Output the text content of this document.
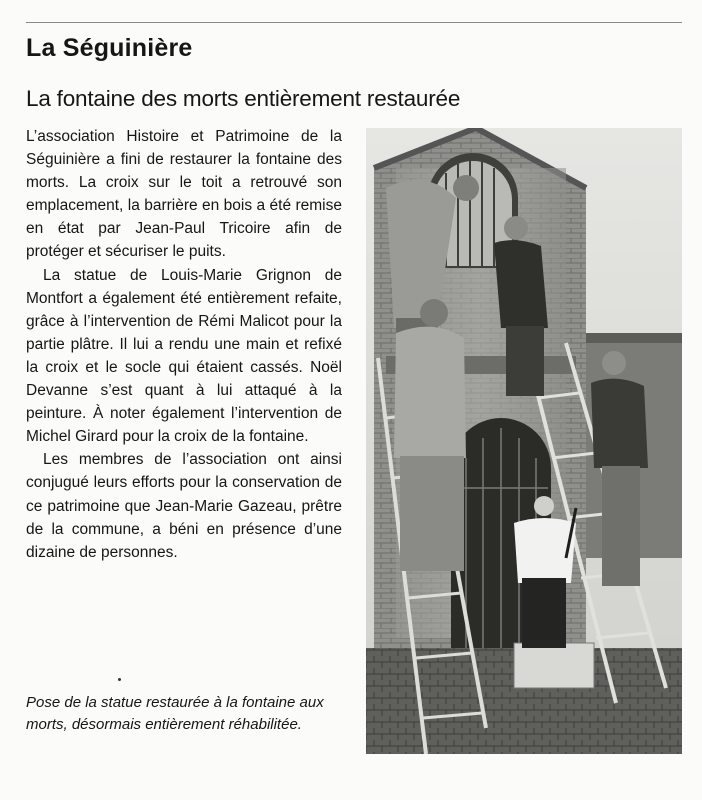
La Séguinière
La fontaine des morts entièrement restaurée

L’association Histoire et Patrimoine de la Séguinière a fini de restaurer la fontaine des morts. La croix sur le toit a retrouvé son emplacement, la barrière en bois a été remise en état par Jean-Paul Tricoire afin de protéger et sécuriser le puits.

La statue de Louis-Marie Grignon de Montfort a également été entièrement refaite, grâce à l’intervention de Rémi Malicot pour la partie plâtre. Il lui a rendu une main et refixé la croix et le socle qui étaient cassés. Noël Devanne s’est quant à lui attaqué à la peinture. À noter également l’intervention de Michel Girard pour la croix de la fontaine.

Les membres de l’association ont ainsi conjugué leurs efforts pour la conservation de ce patrimoine que Jean-Marie Gazeau, prêtre de la commune, a béni en présence d’une dizaine de personnes.

Pose de la statue restaurée à la fontaine aux morts, désormais entièrement réhabilitée.
